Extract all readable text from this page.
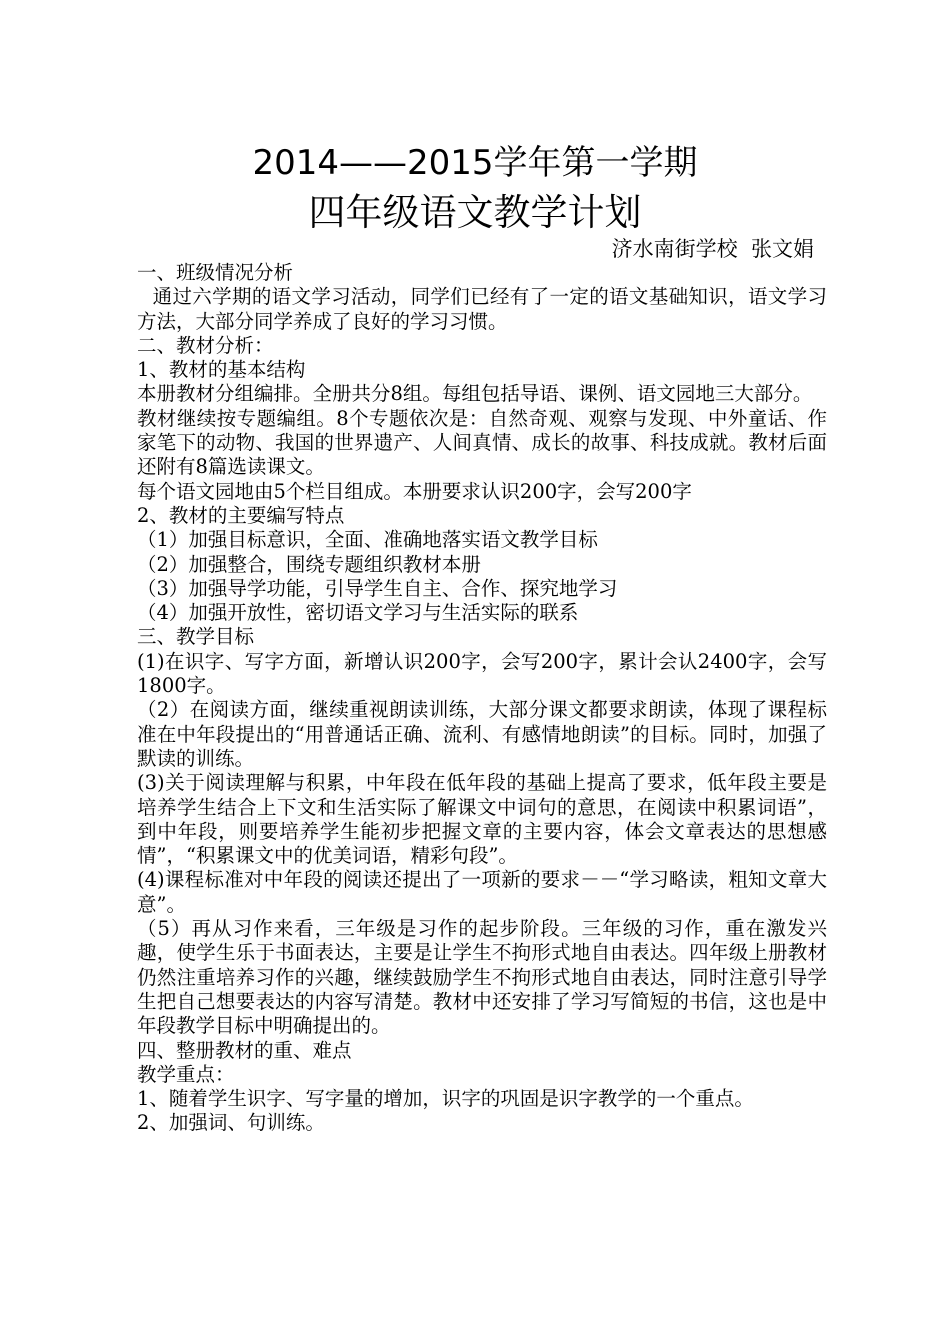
2014——2015学年第一学期
四年级语文教学计划
济水南街学校  张文娟

一、班级情况分析

通过六学期的语文学习活动，同学们已经有了一定的语文基础知识，语文学习方法，大部分同学养成了良好的学习习惯。

二、教材分析：

1、教材的基本结构

本册教材分组编排。全册共分8组。每组包括导语、课例、语文园地三大部分。

教材继续按专题编组。8个专题依次是：自然奇观、观察与发现、中外童话、作家笔下的动物、我国的世界遗产、人间真情、成长的故事、科技成就。教材后面还附有8篇选读课文。

每个语文园地由5个栏目组成。本册要求认识200字，会写200字

2、教材的主要编写特点

（1）加强目标意识，全面、准确地落实语文教学目标

（2）加强整合，围绕专题组织教材本册

（3）加强导学功能，引导学生自主、合作、探究地学习

（4）加强开放性，密切语文学习与生活实际的联系

三、教学目标

(1)在识字、写字方面，新增认识200字，会写200字，累计会认2400字，会写1800字。

（2）在阅读方面，继续重视朗读训练，大部分课文都要求朗读，体现了课程标准在中年段提出的“用普通话正确、流利、有感情地朗读”的目标。同时，加强了默读的训练。

(3)关于阅读理解与积累，中年段在低年段的基础上提高了要求，低年段主要是培养学生结合上下文和生活实际了解课文中词句的意思，在阅读中积累词语”，到中年段，则要培养学生能初步把握文章的主要内容，体会文章表达的思想感情”，“积累课文中的优美词语，精彩句段”。

(4)课程标准对中年段的阅读还提出了一项新的要求－－“学习略读，粗知文章大意”。

（5）再从习作来看，三年级是习作的起步阶段。三年级的习作，重在激发兴趣，使学生乐于书面表达，主要是让学生不拘形式地自由表达。四年级上册教材仍然注重培养习作的兴趣，继续鼓励学生不拘形式地自由表达，同时注意引导学生把自己想要表达的内容写清楚。教材中还安排了学习写简短的书信，这也是中年段教学目标中明确提出的。

四、整册教材的重、难点

教学重点：

1、随着学生识字、写字量的增加，识字的巩固是识字教学的一个重点。

2、加强词、句训练。
